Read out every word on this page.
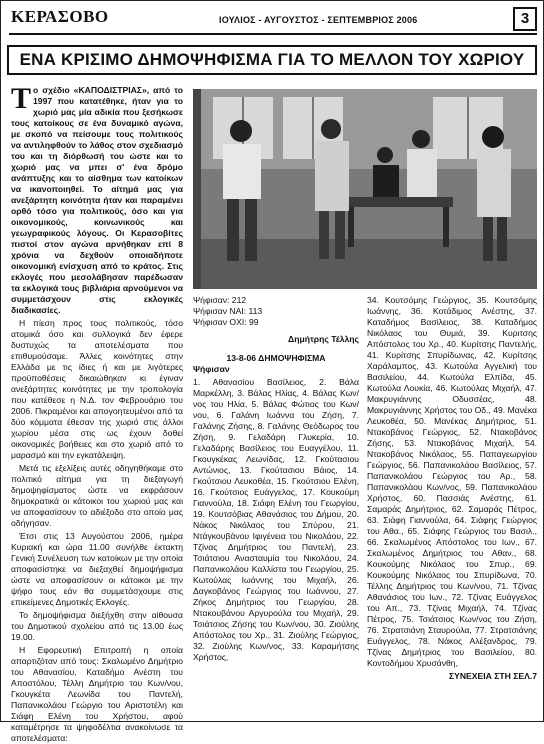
ΚΕΡΑΣΟΒΟ	ΙΟΥΛΙΟΣ - ΑΥΓΟΥΣΤΟΣ - ΣΕΠΤΕΜΒΡΙΟΣ 2006	3
ΕΝΑ ΚΡΙΣΙΜΟ ΔΗΜΟΨΗΦΙΣΜΑ ΓΙΑ ΤΟ ΜΕΛΛΟΝ ΤΟΥ ΧΩΡΙΟΥ

Το σχέδιο «ΚΑΠΟΔΙΣΤΡΙΑΣ», από το 1997 που κατατέθηκε, ήταν για το χωριό μας μία αδικία που ξεσήκωσε τους κατοίκους σε ένα δυναμικό αγώνα, με σκοπό να πείσουμε τους πολιτικούς να αντιληφθούν το λάθος στον σχεδιασμό του και τη διόρθωσή του ώστε και το χωριό μας να μπει σ' ένα δρόμο ανάπτυξης και το αίσθημα των κατοίκων να ικανοποιηθεί. Το αίτημά μας για ανεξάρτητη κοινότητα ήταν και παραμένει ορθό τόσο για πολιτικούς, όσο και για οικονομικούς, κοινωνικούς και γεωγραφικούς λόγους. Οι Κερασοβίτες πιστοί στον αγώνα αρνήθηκαν επί 8 χρόνια να δεχθούν οποιαδήποτε οικονομική ενίσχυση από το κράτος. Στις εκλογές που μεσολάβησαν παρέδωσαν τα εκλογικά τους βιβλιάρια αρνούμενοι να συμμετάσχουν στις εκλογικές διαδικασίες.

Η πίεση προς τους πολιτικούς, τόσο ατομικά όσο και συλλογικά δεν έφερε δυστυχώς τα αποτελέσματα που επιθυμούσαμε. Άλλες κοινότητες στην Ελλάδα με τις ίδιες ή και με λιγότερες προϋποθέσεις δικαιώθηκαν κι έγιναν ανεξάρτητες κοινότητες με την τροπολογία που κατέθεσε η Ν.Δ. τον Φεβρουάριο του 2006. Πικραμένοι και απογοητευμένοι από τα δύο κόμματα έθεσαν της χωριό στις άλλοι χωρίου μέσα στις ως έχουν δοθεί οικονομικές βοήθειες και στο χωριό από το μαρασμό και την εγκατάλειψη.

Μετά τις εξελίξεις αυτές οδηγηθήκαμε στο πολιτικό αίτημα για τη διεξαγωγή δημοψηφίσματος ώστε να εκφράσουν δημοκρατικά οι κάτοικοι του χωριού μας και να αποφασίσουν το αδιέξοδο στο οποίο μας οδήγησαν.

Έτσι στις 13 Αυγούστου 2006, ημέρα Κυριακή και ώρα 11.00 συνήλθε έκτακτη Γενική Συνέλευση των κατοίκων με την οποία αποφασίστηκε να διεξαχθεί δημοψήφισμα ώστε να αποφασίσουν οι κάτοικοι με την ψήφο τους εάν θα συμμετάσχουμε στις επικείμενες Δημοτικές Εκλογές.

Το δημοψήφισμα διεξήχθη στην αίθουσα του Δημοτικού σχολείου από τις 13.00 έως 19.00.

Η Εφορευτική Επιτροπή η οποία απαρτιζόταν από τους: Σκαλωμένο Δημήτριο του Αθανασίου, Καταδήμο Ανέστη του Αποστόλου, Τέλλη Δημήτριο του Κων/νου, Γκουγκέτα Λεωνίδα του Παντελή, Παπανικολάου Γεώργιο του Αριστοτέλη και Σιάφη Ελένη του Χρήστου, αφού καταμέτρησε τα ψηφοδέλτια ανακοίνωσε τα αποτελέσματα:

Ψήφισαν: 212
Ψήφισαν ΝΑΙ: 113
Ψήφισαν ΟΧΙ: 99
Δημήτρης Τέλλης
13-8-06 ΔΗΜΟΨΗΦΙΣΜΑ
Ψήφισαν
1. Αθανασίου Βασίλειος, 2. Βάλα Μαρκέλλη, 3. Βάλας Ηλίας, 4. Βάλας Κων/νος του Ηλία, 5. Βάλας Φώτιος του Κων/νου, 6. Γαλάνη Ιωάννα του Ζήση, 7. Γαλάνης Ζήσης, 8. Γαλάνης Θεόδωρος του Ζήση, 9. Γελαδάρη Γλυκερία, 10. Γελαδάρης Βασίλειος του Ευαγγέλου, 11. Γκουγκέκας Λεωνίδας, 12. Γκούτασιου Αντώνιος, 13. Γκούτασιου Βάιος, 14. Γκούτσιου Λευκοθέα, 15. Γκούτσιου Ελένη, 16. Γκούτσιος Ευάγγελος, 17. Κουκούμη Γιαννούλα, 18. Σιάφη Ελένη του Γεωργίου, 19. Κουτσόβιας Αθανάσιος του Δήμου, 20. Νάκος Νικόλαος του Σπύρου, 21. Ντάγκουβάνου Ιφιγένεια του Νικολάου, 22. Τζίνας Δημήτριος του Παντελή, 23. Τσιάτσιου Ανασταυμία του Νικολάου, 24. Παπανικολάου Καλλίστα του Γεωργίου, 25. Κωτούλας Ιωάννης του Μιχαήλ, 26. Δαγκοβάνος Γεώργιος του Ιωάννου, 27. Ζήκος Δημήτριος του Γεωργίου, 28. Ντακουβάνου Αργυρούλα του Μιχαήλ, 29. Τσιάτσιος Ζήσης του Κων/νου, 30. Ζιούλης Απόστολος του Χρ., 31. Ζιούλης Γεώργιος, 32. Ζιούλης Κων/νος, 33. Καραμήτσης Χρήστος,
34. Κουτσόμης Γεώργιος, 35. Κουτσόμης Ιωάννης, 36. Κοτάδιμος Ανέστης, 37. Καταδήμος Βασίλειος, 38. Καταδήμος Νικόλαος του Θυμιά, 39. Κυριτσης Απόστολος του Χρ., 40. Κυρίτσης Παντελής, 41. Κυρίτσης Σπυρίδωνας, 42. Κυρίτσης Χαράλαμπος, 43. Κωτούλα Αγγελική του Βασιλείου, 44. Κωτούλα Ελπίδα, 45. Κωτούλα Λουκία, 46. Κωτούλας Μιχαήλ, 47. Μακρυγιάννης Οδυσσέας, 48. Μακρυγιάννης Χρήστος του Οδ., 49. Μανέκα Λευκοθέα, 50. Μανέκας Δημήτριος, 51. Ντακοβάνος Γεώργιος, 52. Ντακοβάνος Ζήσης, 53. Ντακοβάνος Μιχαήλ, 54. Ντακοβάνος Νικόλαος, 55. Παπαγεωργίου Γεώργιος, 56. Παπανικολάου Βασίλειος, 57. Παπανικολάου Γεώργιος του Αρ., 58. Παπανικολάου Κων/νος, 59. Παπανικολάου Χρήστος, 60. Πασσιάς Ανέστης, 61. Σαμαράς Δημήτριος, 62. Σαμαράς Πέτρος, 63. Σιάφη Γιαννούλα, 64. Σιάφης Γεώργιος του Αθα., 65. Σιάφης Γεώργιος του Βασιλ., 66. Σκαλωμένος Απόστολος του Ιων., 67. Σκαλωμένος Δημήτριος του Αθαν., 68. Κουκούμης Νικόλαος του Σπυρ., 69. Κουκούμης Νικόλαος του Σπυρίδωνα, 70. Τέλλης Δημήτριος του Κων/νου, 71. Τζίνας Αθανάσιος του Ιων., 72. Τζίνας Ευάγγελος του Απ., 73. Τζίνας Μιχαήλ, 74. Τζίνας Πέτρος, 75. Τσιάτσιος Κων/νος του Ζήση, 76. Στρατσιάνη Σταυρούλα, 77. Στρατσιάνης Ευάγγελος, 78. Νάκος Αλέξανδρος, 79. Τζίνας Δημήτριος του Βασιλείου, 80. Κοντοδήμου Χρυσάνθη,
ΣΥΝΕΧΕΙΑ ΣΤΗ ΣΕΛ.7
